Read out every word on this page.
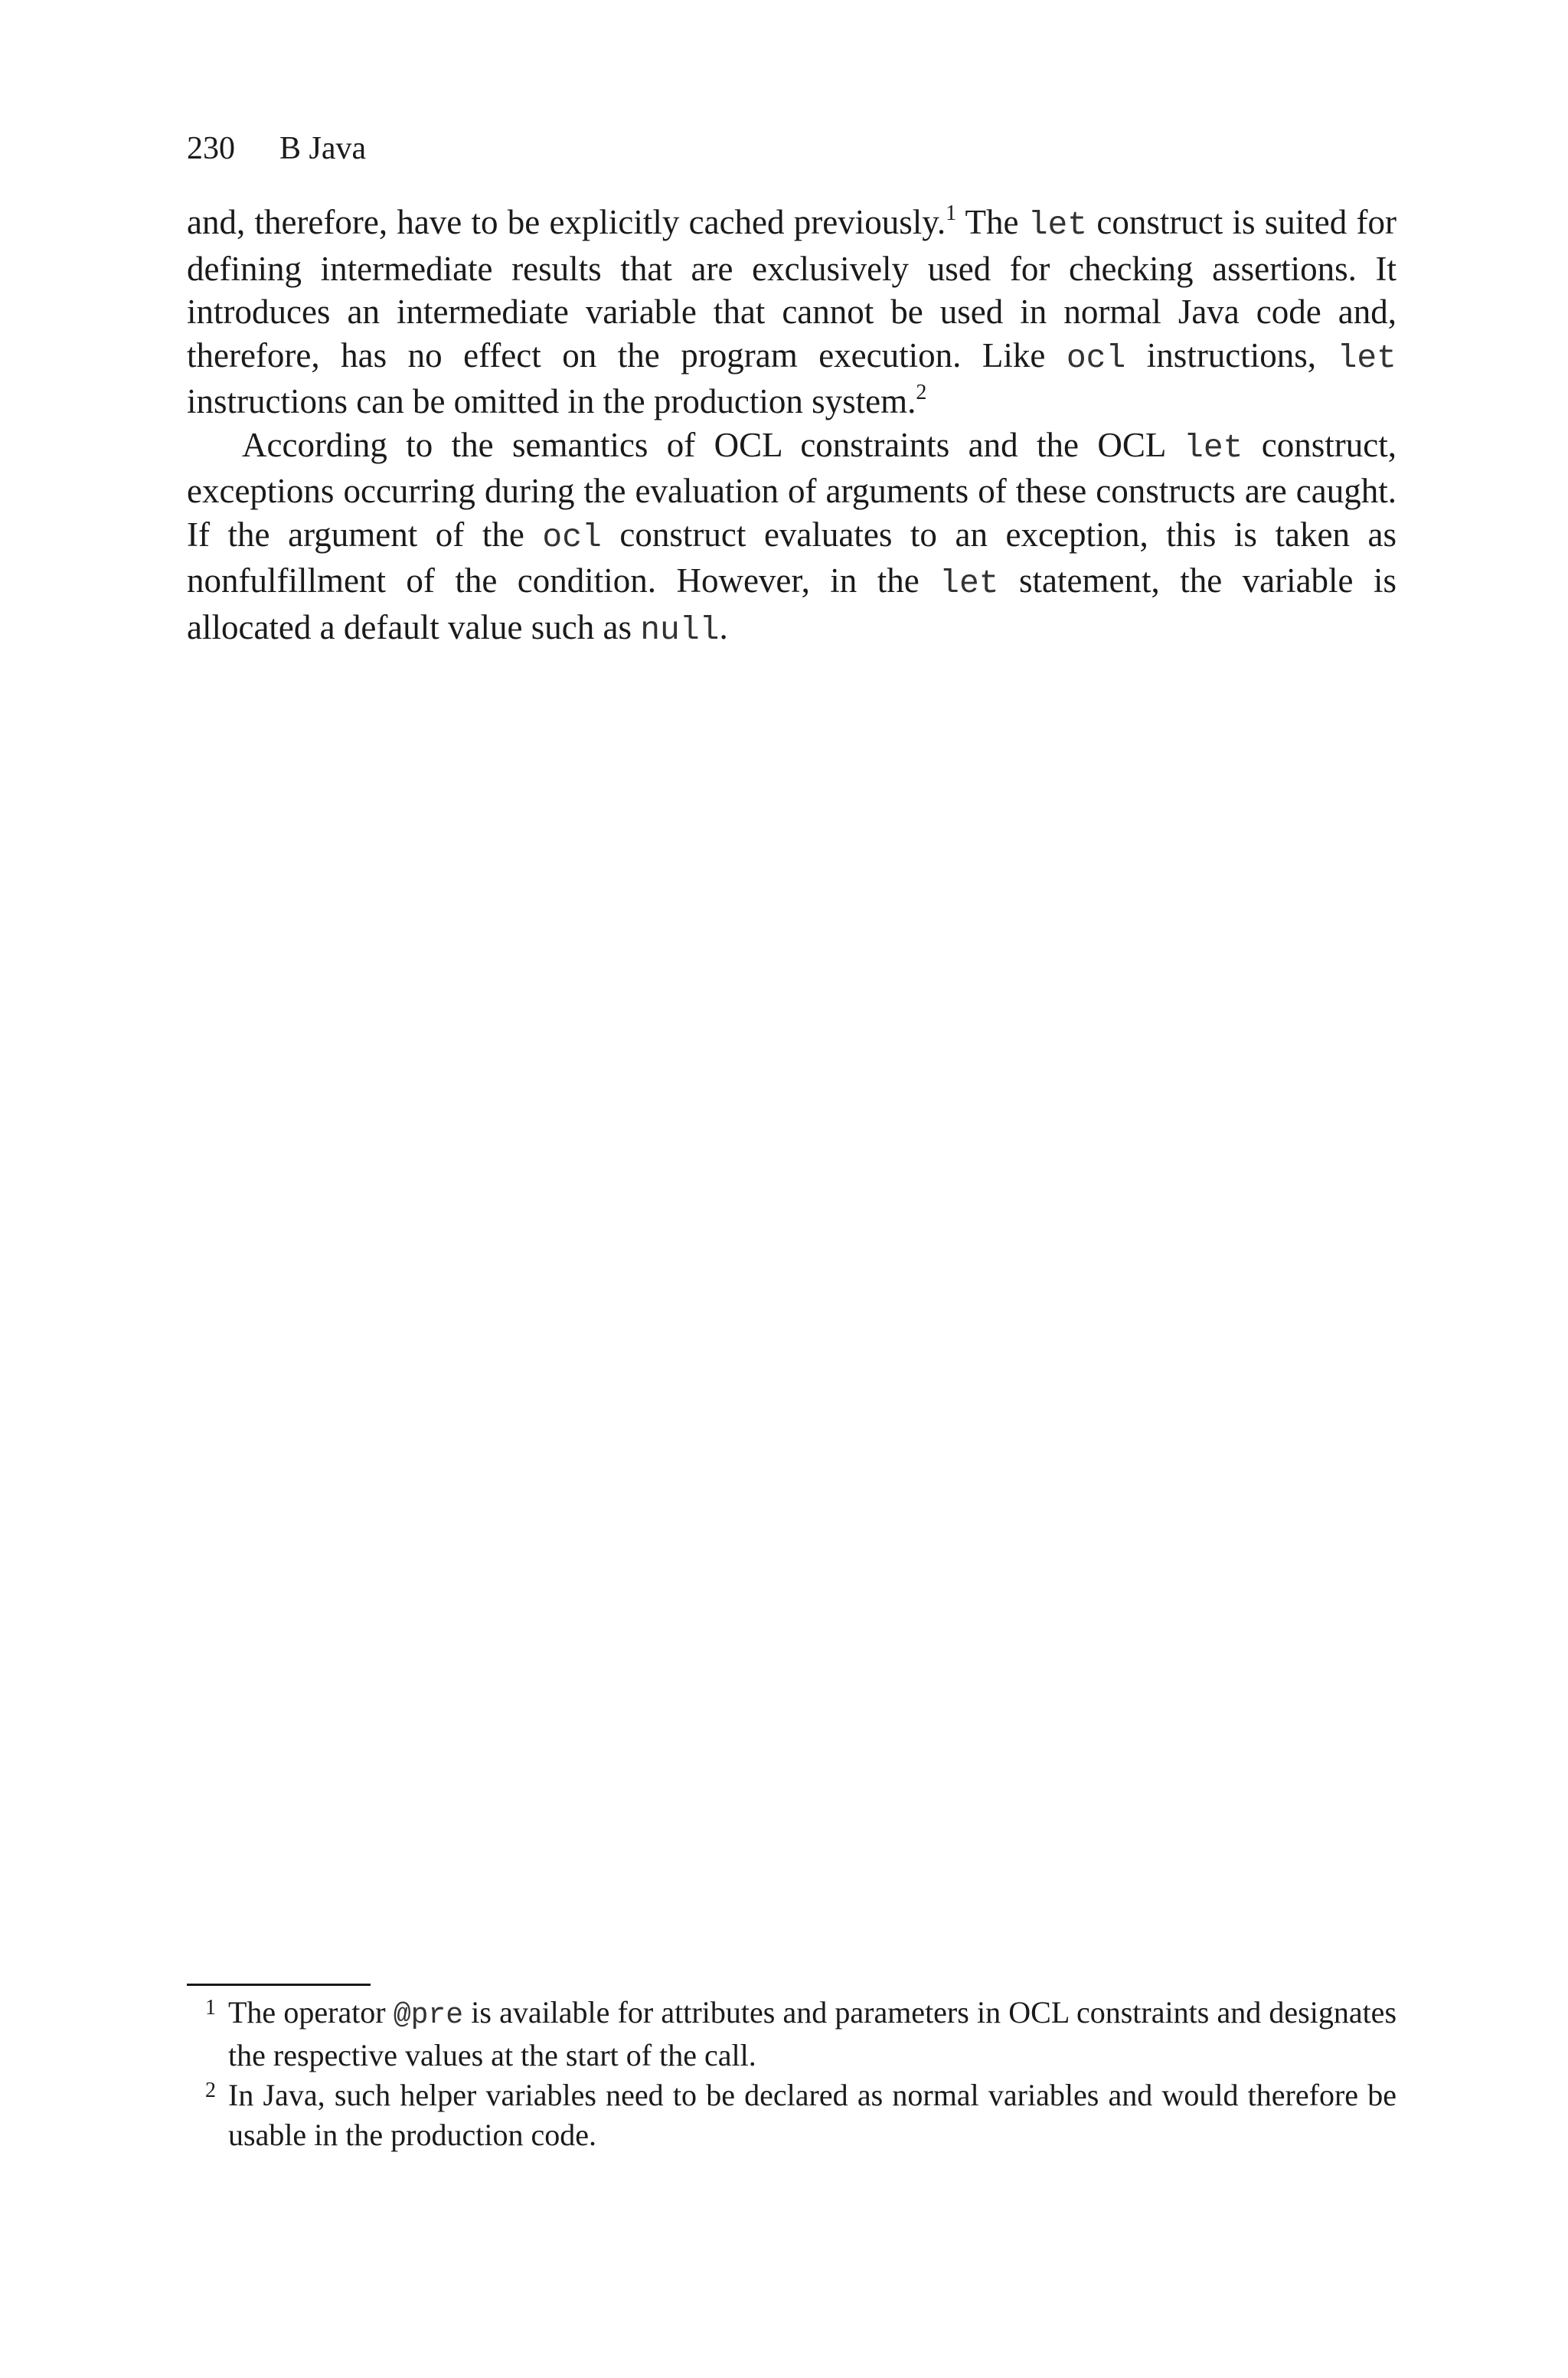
230 B Java

and, therefore, have to be explicitly cached previously.$^1$ The let construct is suited for defining intermediate results that are exclusively used for checking assertions. It introduces an intermediate variable that cannot be used in normal Java code and, therefore, has no effect on the program execution. Like ocl instructions, let instructions can be omitted in the production system.$^2$

According to the semantics of OCL constraints and the OCL let construct, exceptions occurring during the evaluation of arguments of these constructs are caught. If the argument of the ocl construct evaluates to an exception, this is taken as nonfulfillment of the condition. However, in the let statement, the variable is allocated a default value such as null.

1 The operator @pre is available for attributes and parameters in OCL constraints and designates the respective values at the start of the call.
2 In Java, such helper variables need to be declared as normal variables and would therefore be usable in the production code.
